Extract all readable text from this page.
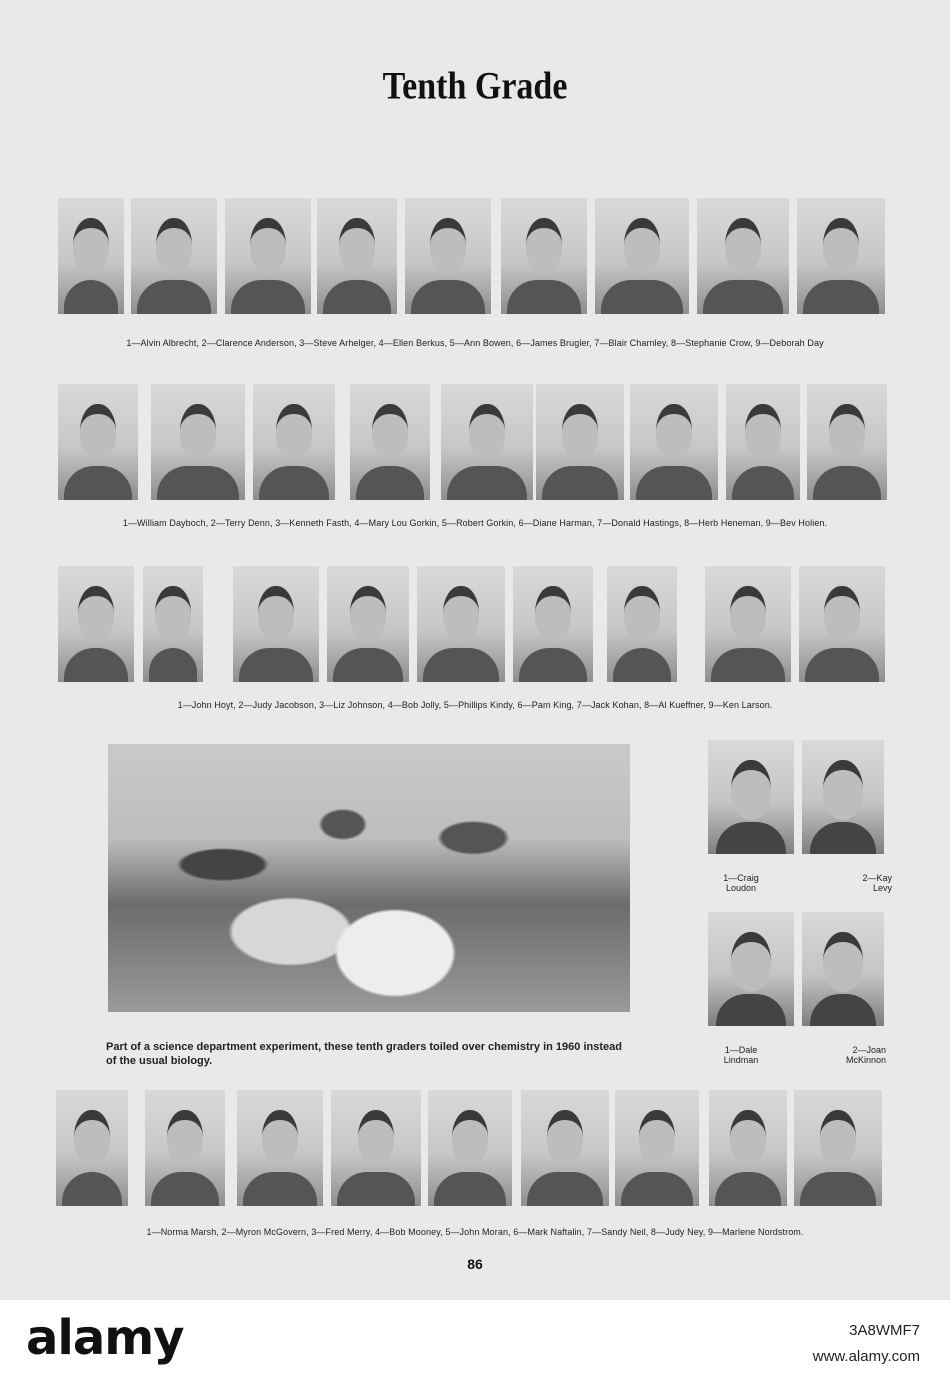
Tenth Grade
1—Alvin Albrecht, 2—Clarence Anderson, 3—Steve Arhelger, 4—Ellen Berkus, 5—Ann Bowen, 6—James Brugler, 7—Blair Charnley, 8—Stephanie Crow, 9—Deborah Day
1—William Dayboch, 2—Terry Denn, 3—Kenneth Fasth, 4—Mary Lou Gorkin, 5—Robert Gorkin, 6—Diane Harman, 7—Donald Hastings, 8—Herb Heneman, 9—Bev Holien.
1—John Hoyt, 2—Judy Jacobson, 3—Liz Johnson, 4—Bob Jolly, 5—Phillips Kindy, 6—Pam King, 7—Jack Kohan, 8—Al Kueffner, 9—Ken Larson.
Part of a science department experiment, these tenth graders toiled over chemistry in 1960 instead of the usual biology.
1—Craig
Loudon
2—Kay
Levy
1—Dale
Lindman
2—Joan
McKinnon
1—Norma Marsh, 2—Myron McGovern, 3—Fred Merry, 4—Bob Mooney, 5—John Moran, 6—Mark Naftalin, 7—Sandy Neil, 8—Judy Ney, 9—Marlene Nordstrom.
86
alamy	3A8WMF7
www.alamy.com
